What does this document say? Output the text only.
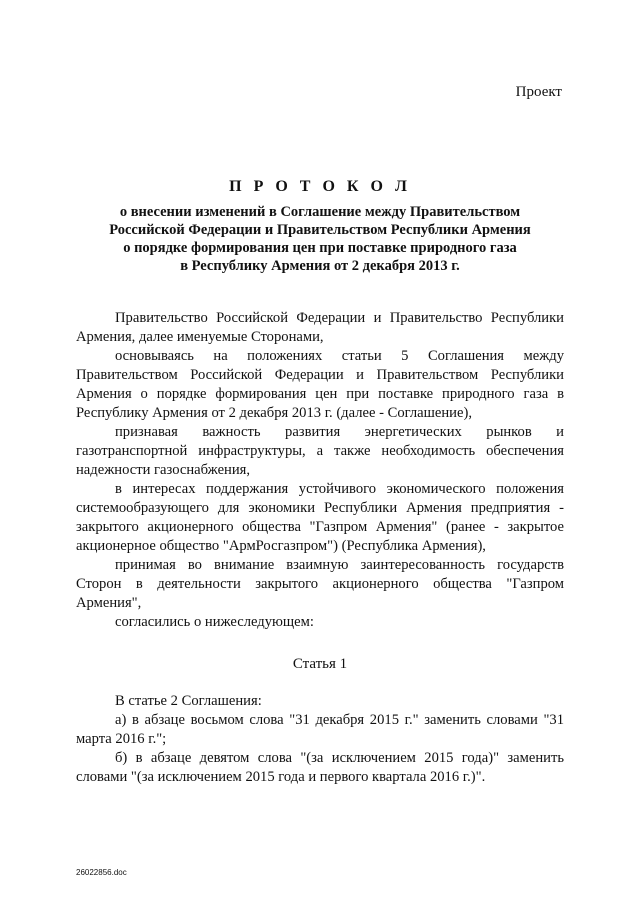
Проект
П Р О Т О К О Л
о внесении изменений в Соглашение между Правительством
Российской Федерации и Правительством Республики Армения
о порядке формирования цен при поставке природного газа
в Республику Армения от 2 декабря 2013 г.

Правительство Российской Федерации и Правительство Республики Армения, далее именуемые Сторонами,

основываясь на положениях статьи 5 Соглашения между Правительством Российской Федерации и Правительством Республики Армения о порядке формирования цен при поставке природного газа в Республику Армения от 2 декабря 2013 г. (далее - Соглашение),

признавая важность развития энергетических рынков и газотранспортной инфраструктуры, а также необходимость обеспечения надежности газоснабжения,

в интересах поддержания устойчивого экономического положения системообразующего для экономики Республики Армения предприятия - закрытого акционерного общества "Газпром Армения" (ранее - закрытое акционерное общество "АрмРосгазпром") (Республика Армения),

принимая во внимание взаимную заинтересованность государств Сторон в деятельности закрытого акционерного общества "Газпром Армения",

согласились о нижеследующем:

Статья 1

В статье 2 Соглашения:

а) в абзаце восьмом слова "31 декабря 2015 г." заменить словами "31 марта 2016 г.";

б) в абзаце девятом слова "(за исключением 2015 года)" заменить словами "(за исключением 2015 года и первого квартала 2016 г.)".

26022856.doc
